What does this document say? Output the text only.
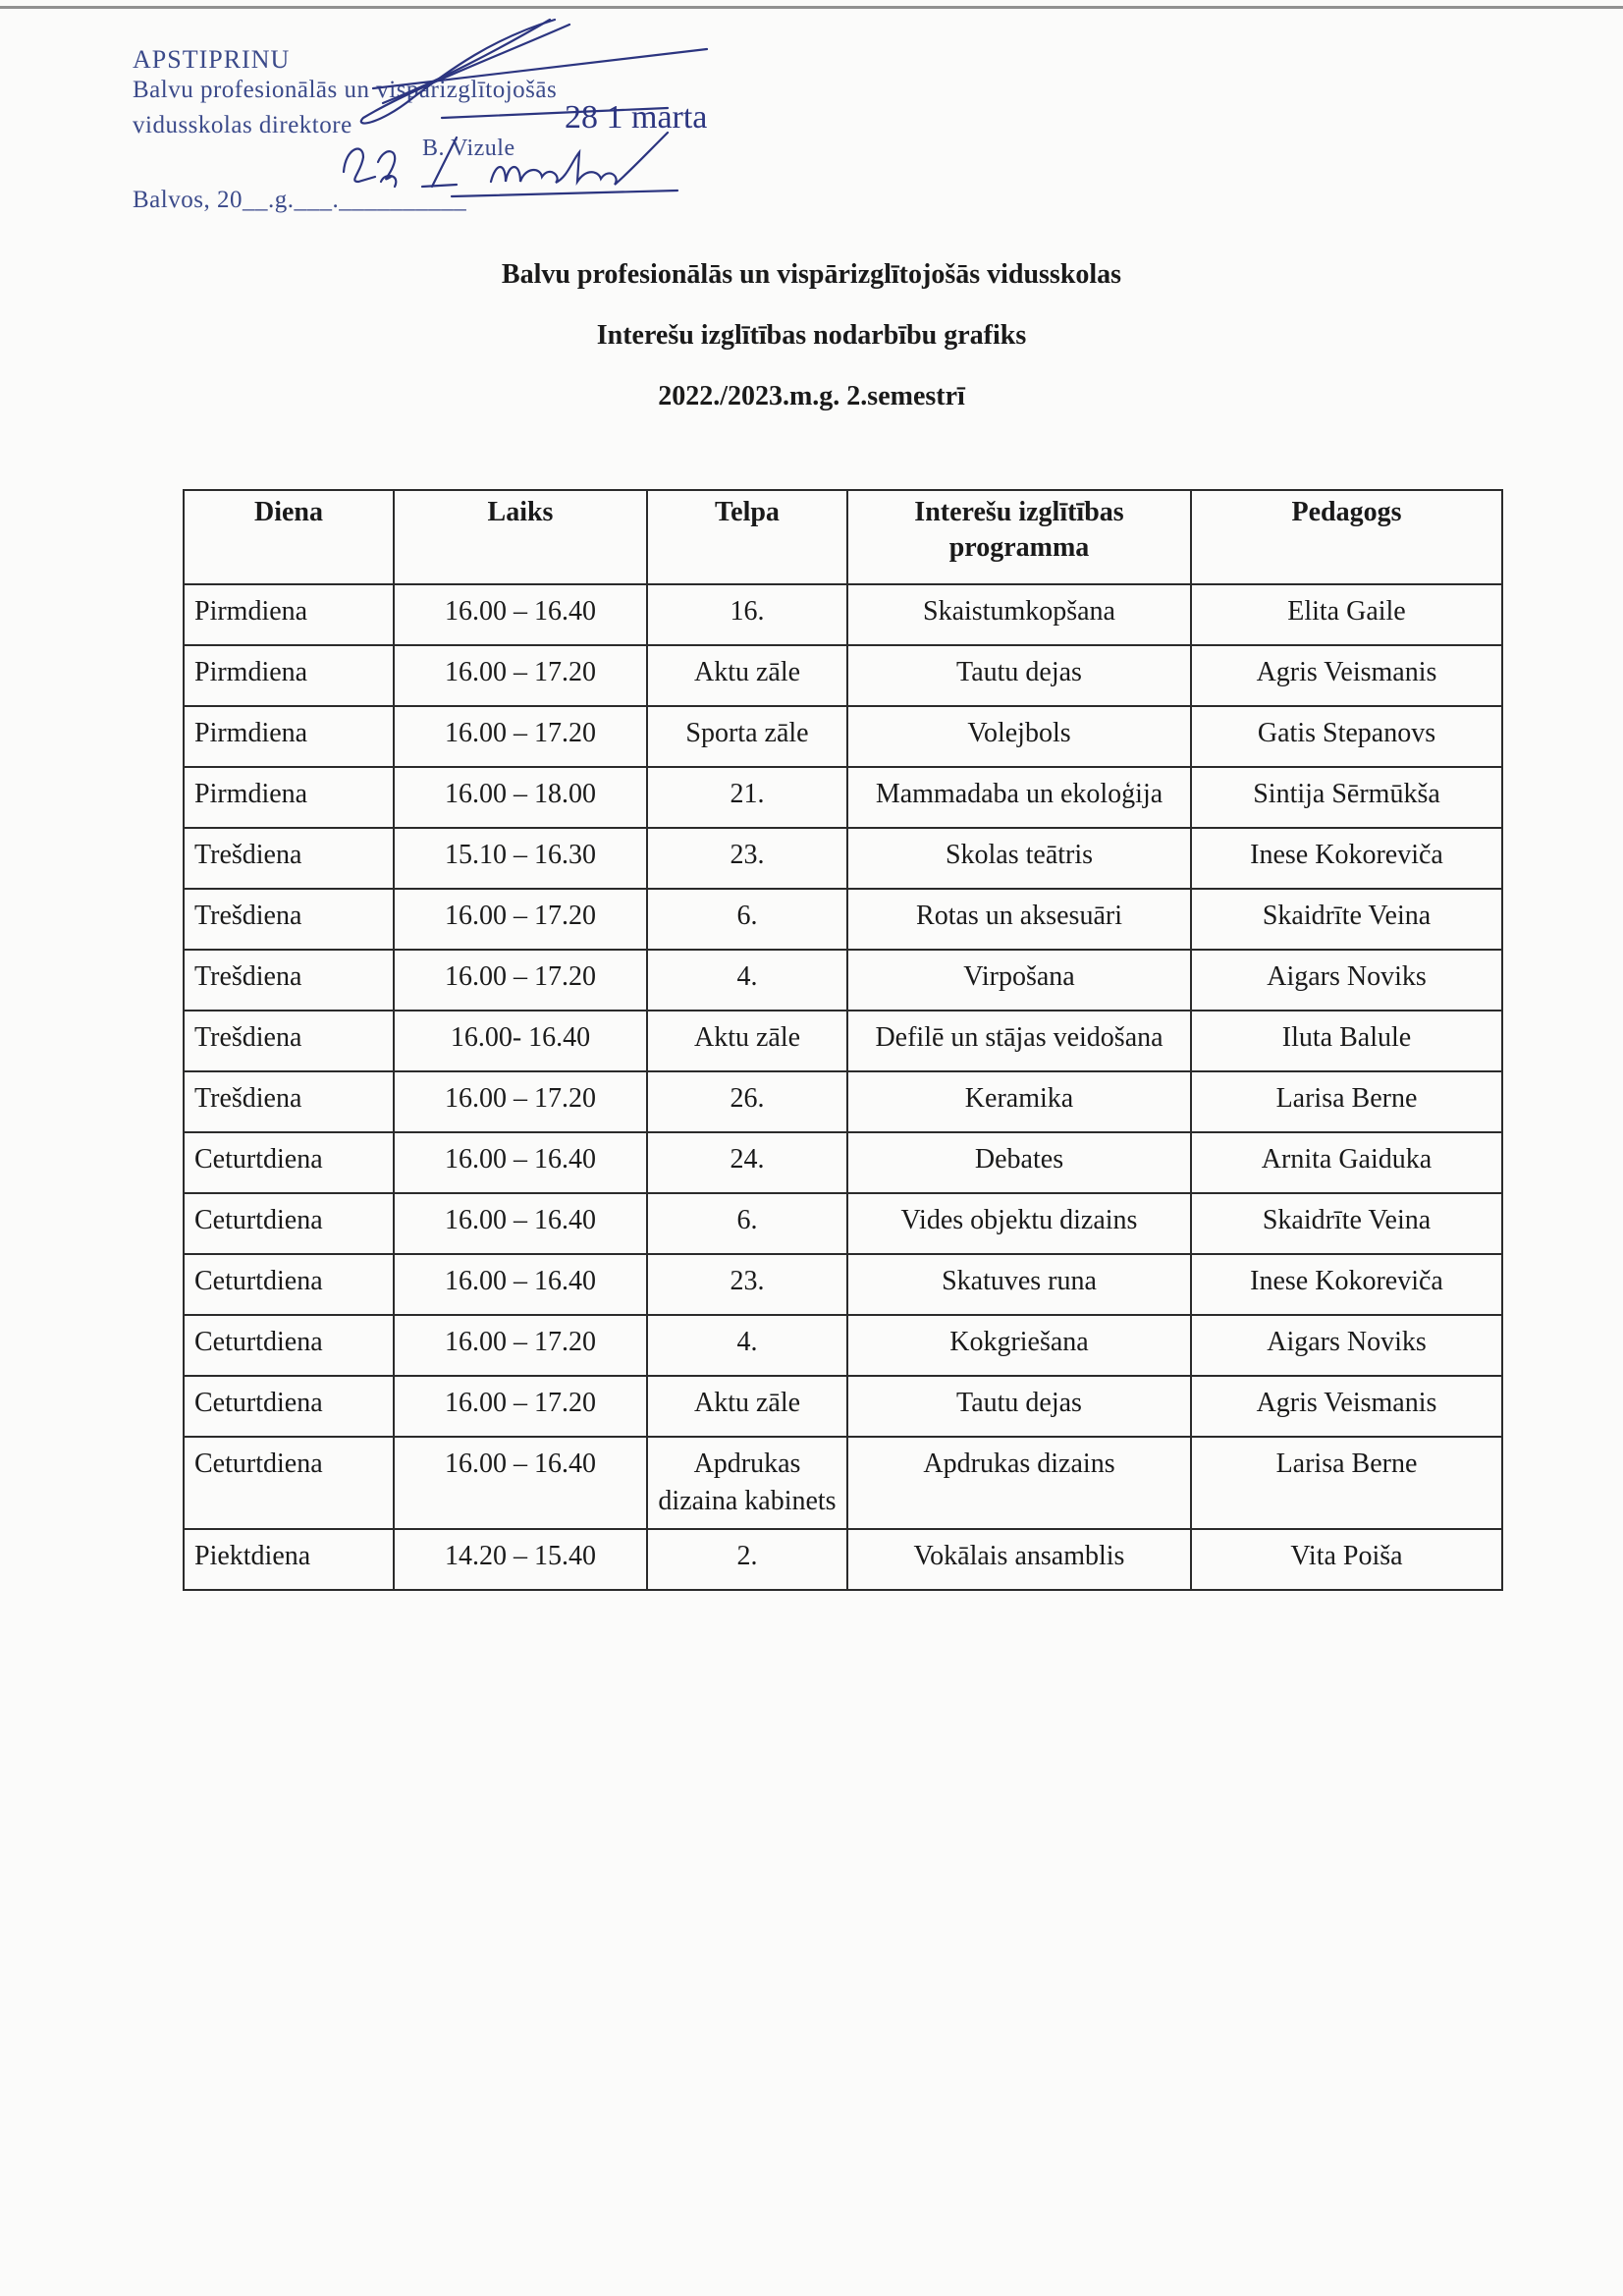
APSTIPRINU
Balvu profesionālās un vispārizglītojošās
vidusskolas direktore
B. Vizule
Balvos, 20__.g.___.__________
28 1 marta
Balvu profesionālās un vispārizglītojošās vidusskolas
Interešu izglītības nodarbību grafiks
2022./2023.m.g. 2.semestrī
Diena	Laiks	Telpa	Interešu izglītības programma	Pedagogs
Pirmdiena	16.00 – 16.40	16.	Skaistumkopšana	Elita Gaile
Pirmdiena	16.00 – 17.20	Aktu zāle	Tautu dejas	Agris Veismanis
Pirmdiena	16.00 – 17.20	Sporta zāle	Volejbols	Gatis Stepanovs
Pirmdiena	16.00 – 18.00	21.	Mammadaba un ekoloģija	Sintija Sērmūkša
Trešdiena	15.10 – 16.30	23.	Skolas teātris	Inese Kokoreviča
Trešdiena	16.00 – 17.20	6.	Rotas un aksesuāri	Skaidrīte Veina
Trešdiena	16.00 – 17.20	4.	Virpošana	Aigars Noviks
Trešdiena	16.00- 16.40	Aktu zāle	Defilē un stājas veidošana	Iluta Balule
Trešdiena	16.00 – 17.20	26.	Keramika	Larisa Berne
Ceturtdiena	16.00 – 16.40	24.	Debates	Arnita Gaiduka
Ceturtdiena	16.00 – 16.40	6.	Vides objektu dizains	Skaidrīte Veina
Ceturtdiena	16.00 – 16.40	23.	Skatuves runa	Inese Kokoreviča
Ceturtdiena	16.00 – 17.20	4.	Kokgriešana	Aigars Noviks
Ceturtdiena	16.00 – 17.20	Aktu zāle	Tautu dejas	Agris Veismanis
Ceturtdiena	16.00 – 16.40	Apdrukas dizaina kabinets	Apdrukas dizains	Larisa Berne
Piektdiena	14.20 – 15.40	2.	Vokālais ansamblis	Vita Poiša
